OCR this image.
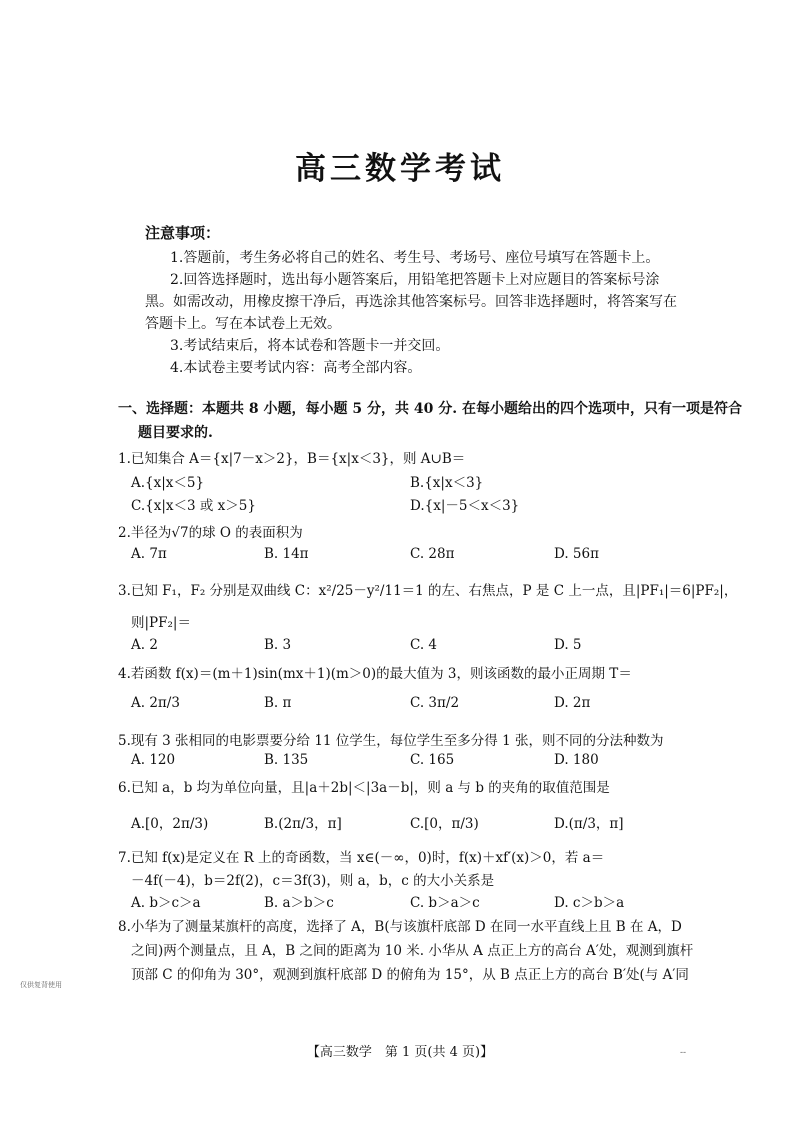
高三数学考试
注意事项：
1.答题前，考生务必将自己的姓名、考生号、考场号、座位号填写在答题卡上。
2.回答选择题时，选出每小题答案后，用铅笔把答题卡上对应题目的答案标号涂
黑。如需改动，用橡皮擦干净后，再选涂其他答案标号。回答非选择题时，将答案写在
答题卡上。写在本试卷上无效。
3.考试结束后，将本试卷和答题卡一并交回。
4.本试卷主要考试内容：高考全部内容。
一、选择题：本题共 8 小题，每小题 5 分，共 40 分. 在每小题给出的四个选项中，只有一项是符合
题目要求的.
1.已知集合 A＝{x|7－x＞2}，B＝{x|x＜3}，则 A∪B＝
A.{x|x＜5}	B.{x|x＜3}
C.{x|x＜3 或 x＞5}	D.{x|－5＜x＜3}
2.半径为√7的球 O 的表面积为
A. 7π	B. 14π	C. 28π	D. 56π
3.已知 F₁，F₂ 分别是双曲线 C：x²/25－y²/11＝1 的左、右焦点，P 是 C 上一点，且|PF₁|＝6|PF₂|，
则|PF₂|＝
A. 2	B. 3	C. 4	D. 5
4.若函数 f(x)＝(m＋1)sin(mx＋1)(m＞0)的最大值为 3，则该函数的最小正周期 T＝
A. 2π/3	B. π	C. 3π/2	D. 2π
5.现有 3 张相同的电影票要分给 11 位学生，每位学生至多分得 1 张，则不同的分法种数为
A. 120	B. 135	C. 165	D. 180
6.已知 a，b 均为单位向量，且|a＋2b|＜|3a－b|，则 a 与 b 的夹角的取值范围是
A.[0，2π/3)	B.(2π/3，π]	C.[0，π/3)	D.(π/3，π]
7.已知 f(x)是定义在 R 上的奇函数，当 x∈(－∞，0)时，f(x)＋xf′(x)＞0，若 a＝
－4f(－4)，b＝2f(2)，c＝3f(3)，则 a，b，c 的大小关系是
A. b＞c＞a	B. a＞b＞c	C. b＞a＞c	D. c＞b＞a
8.小华为了测量某旗杆的高度，选择了 A，B(与该旗杆底部 D 在同一水平直线上且 B 在 A，D
之间)两个测量点，且 A，B 之间的距离为 10 米. 小华从 A 点正上方的高台 A′处，观测到旗杆
顶部 C 的仰角为 30°，观测到旗杆底部 D 的俯角为 15°，从 B 点正上方的高台 B′处(与 A′同
仅供复背使用
【高三数学　第 1 页(共 4 页)】	--
